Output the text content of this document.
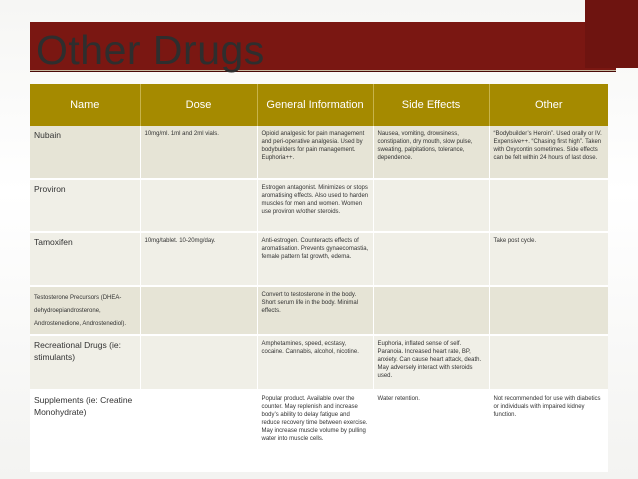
Other Drugs
Name	Dose	General Information	Side Effects	Other
Nubain	10mg/ml. 1ml and 2ml vials.	Opioid analgesic for pain management and peri-operative analgesia. Used by bodybuilders for pain management. Euphoria++.	Nausea, vomiting, drowsiness, constipation, dry mouth, slow pulse, sweating, palpitations, tolerance, dependence.	“Bodybuilder’s Heroin”. Used orally or IV. Expensive++. “Chasing first high”. Taken with Oxycontin sometimes. Side effects can be felt within 24 hours of last dose.
Proviron		Estrogen antagonist. Minimizes or stops aromatising effects. Also used to harden muscles for men and women. Women use proviron w/other steroids.		
Tamoxifen	10mg/tablet. 10-20mg/day.	Anti-estrogen. Counteracts effects of aromatisation. Prevents gynaecomastia, female pattern fat growth, edema.		Take post cycle.
Testosterone Precursors (DHEA-dehydroepiandrosterone, Androstenedione, Androstenediol).		Convert to testosterone in the body. Short serum life in the body. Minimal effects.		
Recreational Drugs (ie: stimulants)		Amphetamines, speed, ecstasy, cocaine. Cannabis, alcohol, nicotine.	Euphoria, inflated sense of self. Paranoia. Increased heart rate, BP, anxiety. Can cause heart attack, death. May adversely interact with steroids used.	
Supplements (ie: Creatine Monohydrate)		Popular product. Available over the counter. May replenish and increase body’s ability to delay fatigue and reduce recovery time between exercise. May increase muscle volume by pulling water into muscle cells.	Water retention.	Not recommended for use with diabetics or individuals with impaired kidney function.
